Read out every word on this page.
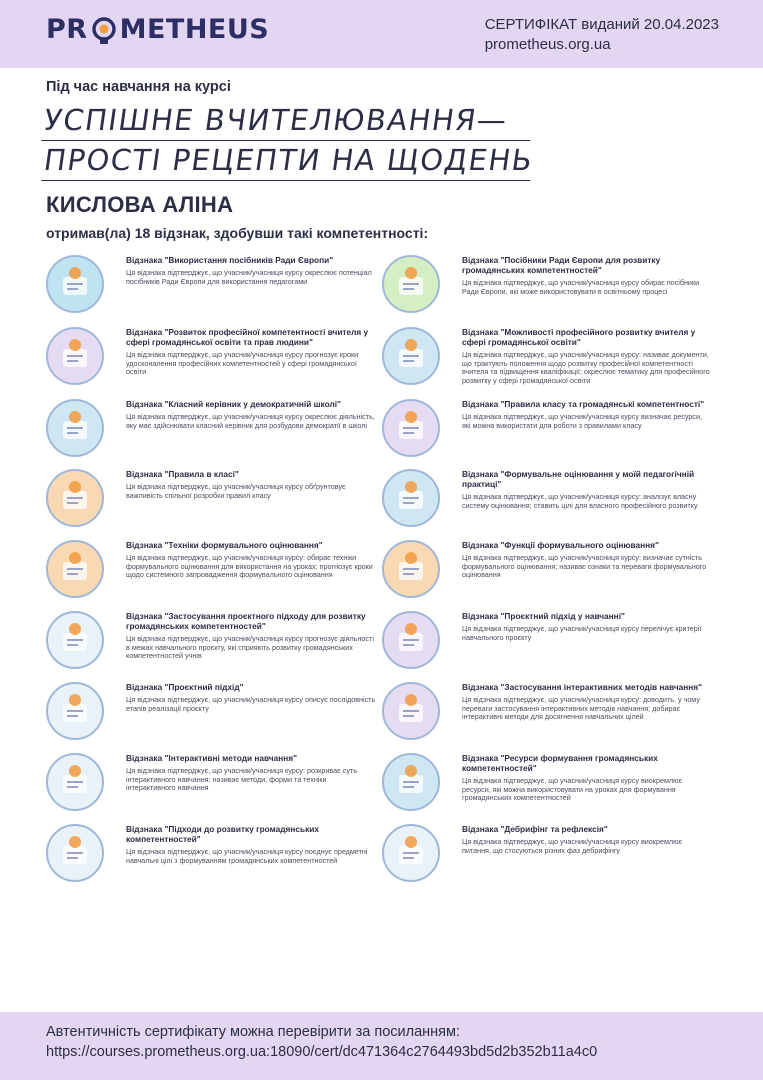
PR METHEUS	СЕРТИФІКАТ виданий 20.04.2023
prometheus.org.ua
Під час навчання на курсі
УСПІШНЕ ВЧИТЕЛЮВАННЯ—
ПРОСТІ РЕЦЕПТИ НА ЩОДЕНЬ
КИСЛОВА АЛІНА
отримав(ла) 18 відзнак, здобувши такі компетентності:
Відзнака "Використання посібників Ради Європи"
Ця відзнака підтверджує, що учасник/учасниця курсу окреслює потенціал посібників Ради Європи для використання педагогами
Відзнака "Посібники Ради Європи для розвитку громадянських компетентностей"
Ця відзнака підтверджує, що учасник/учасниця курсу обирає посібники Ради Європи, які може використовувати в освітньому процесі
Відзнака "Розвиток професійної компетентності вчителя у сфері громадянської освіти та прав людини"
Ця відзнака підтверджує, що учасник/учасниця курсу прогнозує кроки удосконалення професійних компетентностей у сфері громадянської освіти
Відзнака "Можливості професійного розвитку вчителя у сфері громадянської освіти"
Ця відзнака підтверджує, що учасник/учасниця курсу: називає документи, що трактують положення щодо розвитку професійної компетентності вчителя та підвищення кваліфікації; окреслює тематику для професійного розвитку у сфері громадянської освіти
Відзнака "Класний керівник у демократичній школі"
Ця відзнака підтверджує, що учасник/учасниця курсу окреслює діяльність, яку має здійснювати класний керівник для розбудови демократії в школі
Відзнака "Правила класу та громадянські компетентності"
Ця відзнака підтверджує, що учасник/учасниця курсу визначає ресурси, які можна використати для роботи з правилами класу
Відзнака "Правила в класі"
Ця відзнака підтверджує, що учасник/учасниця курсу обґрунтовує важливість спільної розробки правил класу
Відзнака "Формувальне оцінювання у моїй педагогічній практиці"
Ця відзнака підтверджує, що учасник/учасниця курсу: аналізує власну систему оцінювання; ставить цілі для власного професійного розвитку
Відзнака "Техніки формувального оцінювання"
Ця відзнака підтверджує, що учасник/учасниця курсу: обирає техніки формувального оцінювання для використання на уроках; прогнозує кроки щодо системного запровадження формувального оцінювання
Відзнака "Функції формувального оцінювання"
Ця відзнака підтверджує, що учасник/учасниця курсу: визначає сутність формувального оцінювання; називає ознаки та переваги формувального оцінювання
Відзнака "Застосування проєктного підходу для розвитку громадянських компетентностей"
Ця відзнака підтверджує, що учасник/учасниця курсу прогнозує діяльності в межах навчального проєкту, які сприяють розвитку громадянських компетентностей учнів
Відзнака "Проєктний підхід у навчанні"
Ця відзнака підтверджує, що учасник/учасниця курсу перелічує критерії навчального проєкту
Відзнака "Проєктний підхід"
Ця відзнака підтверджує, що учасник/учасниця курсу описує послідовність етапів реалізації проєкту
Відзнака "Застосування інтерактивних методів навчання"
Ця відзнака підтверджує, що учасник/учасниця курсу: доводить, у чому переваги застосування інтерактивних методів навчання; добирає інтерактивні методи для досягнення навчальних цілей
Відзнака "Інтерактивні методи навчання"
Ця відзнака підтверджує, що учасник/учасниця курсу: розкриває суть інтерактивного навчання; називає методи, форми та техніки інтерактивного навчання
Відзнака "Ресурси формування громадянських компетентностей"
Ця відзнака підтверджує, що учасник/учасниця курсу виокремлює ресурси, які можна використовувати на уроках для формування громадянських компетентностей
Відзнака "Підходи до розвитку громадянських компетентностей"
Ця відзнака підтверджує, що учасник/учасниця курсу поєднує предметні навчальні цілі з формуванням громадянських компетентностей
Відзнака "Дебрифінг та рефлексія"
Ця відзнака підтверджує, що учасник/учасниця курсу виокремлює питання, що стосуються різних фаз дебрифінгу
Автентичність сертифікату можна перевірити за посиланням:
https://courses.prometheus.org.ua:18090/cert/dc471364c2764493bd5d2b352b11a4c0
